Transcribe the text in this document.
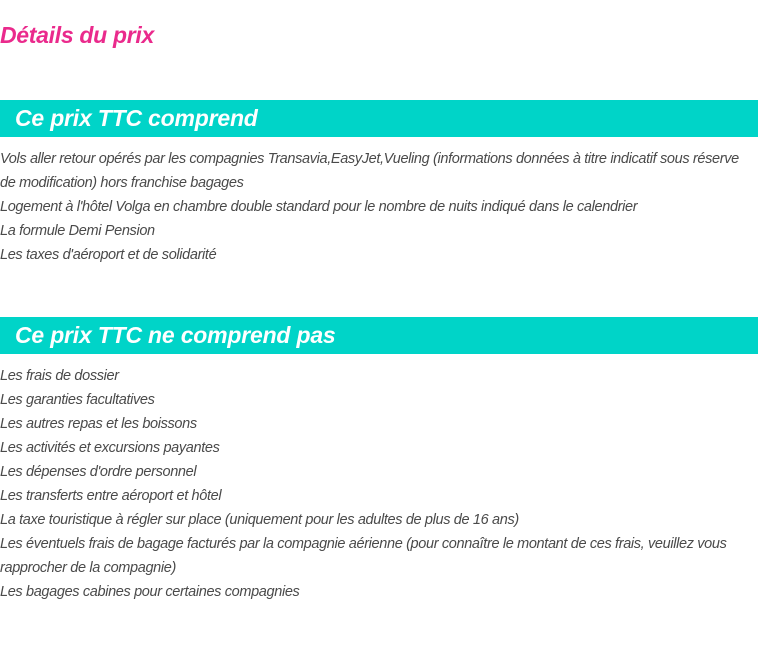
Détails du prix
Ce prix TTC comprend
Vols aller retour opérés par les compagnies Transavia,EasyJet,Vueling (informations données à titre indicatif sous réserve de modification) hors franchise bagages
Logement à l'hôtel Volga en chambre double standard pour le nombre de nuits indiqué dans le calendrier
La formule Demi Pension
Les taxes d'aéroport et de solidarité
Ce prix TTC ne comprend pas
Les frais de dossier
Les garanties facultatives
Les autres repas et les boissons
Les activités et excursions payantes
Les dépenses d'ordre personnel
Les transferts entre aéroport et hôtel
La taxe touristique à régler sur place (uniquement pour les adultes de plus de 16 ans)
Les éventuels frais de bagage facturés par la compagnie aérienne (pour connaître le montant de ces frais, veuillez vous rapprocher de la compagnie)
Les bagages cabines pour certaines compagnies
